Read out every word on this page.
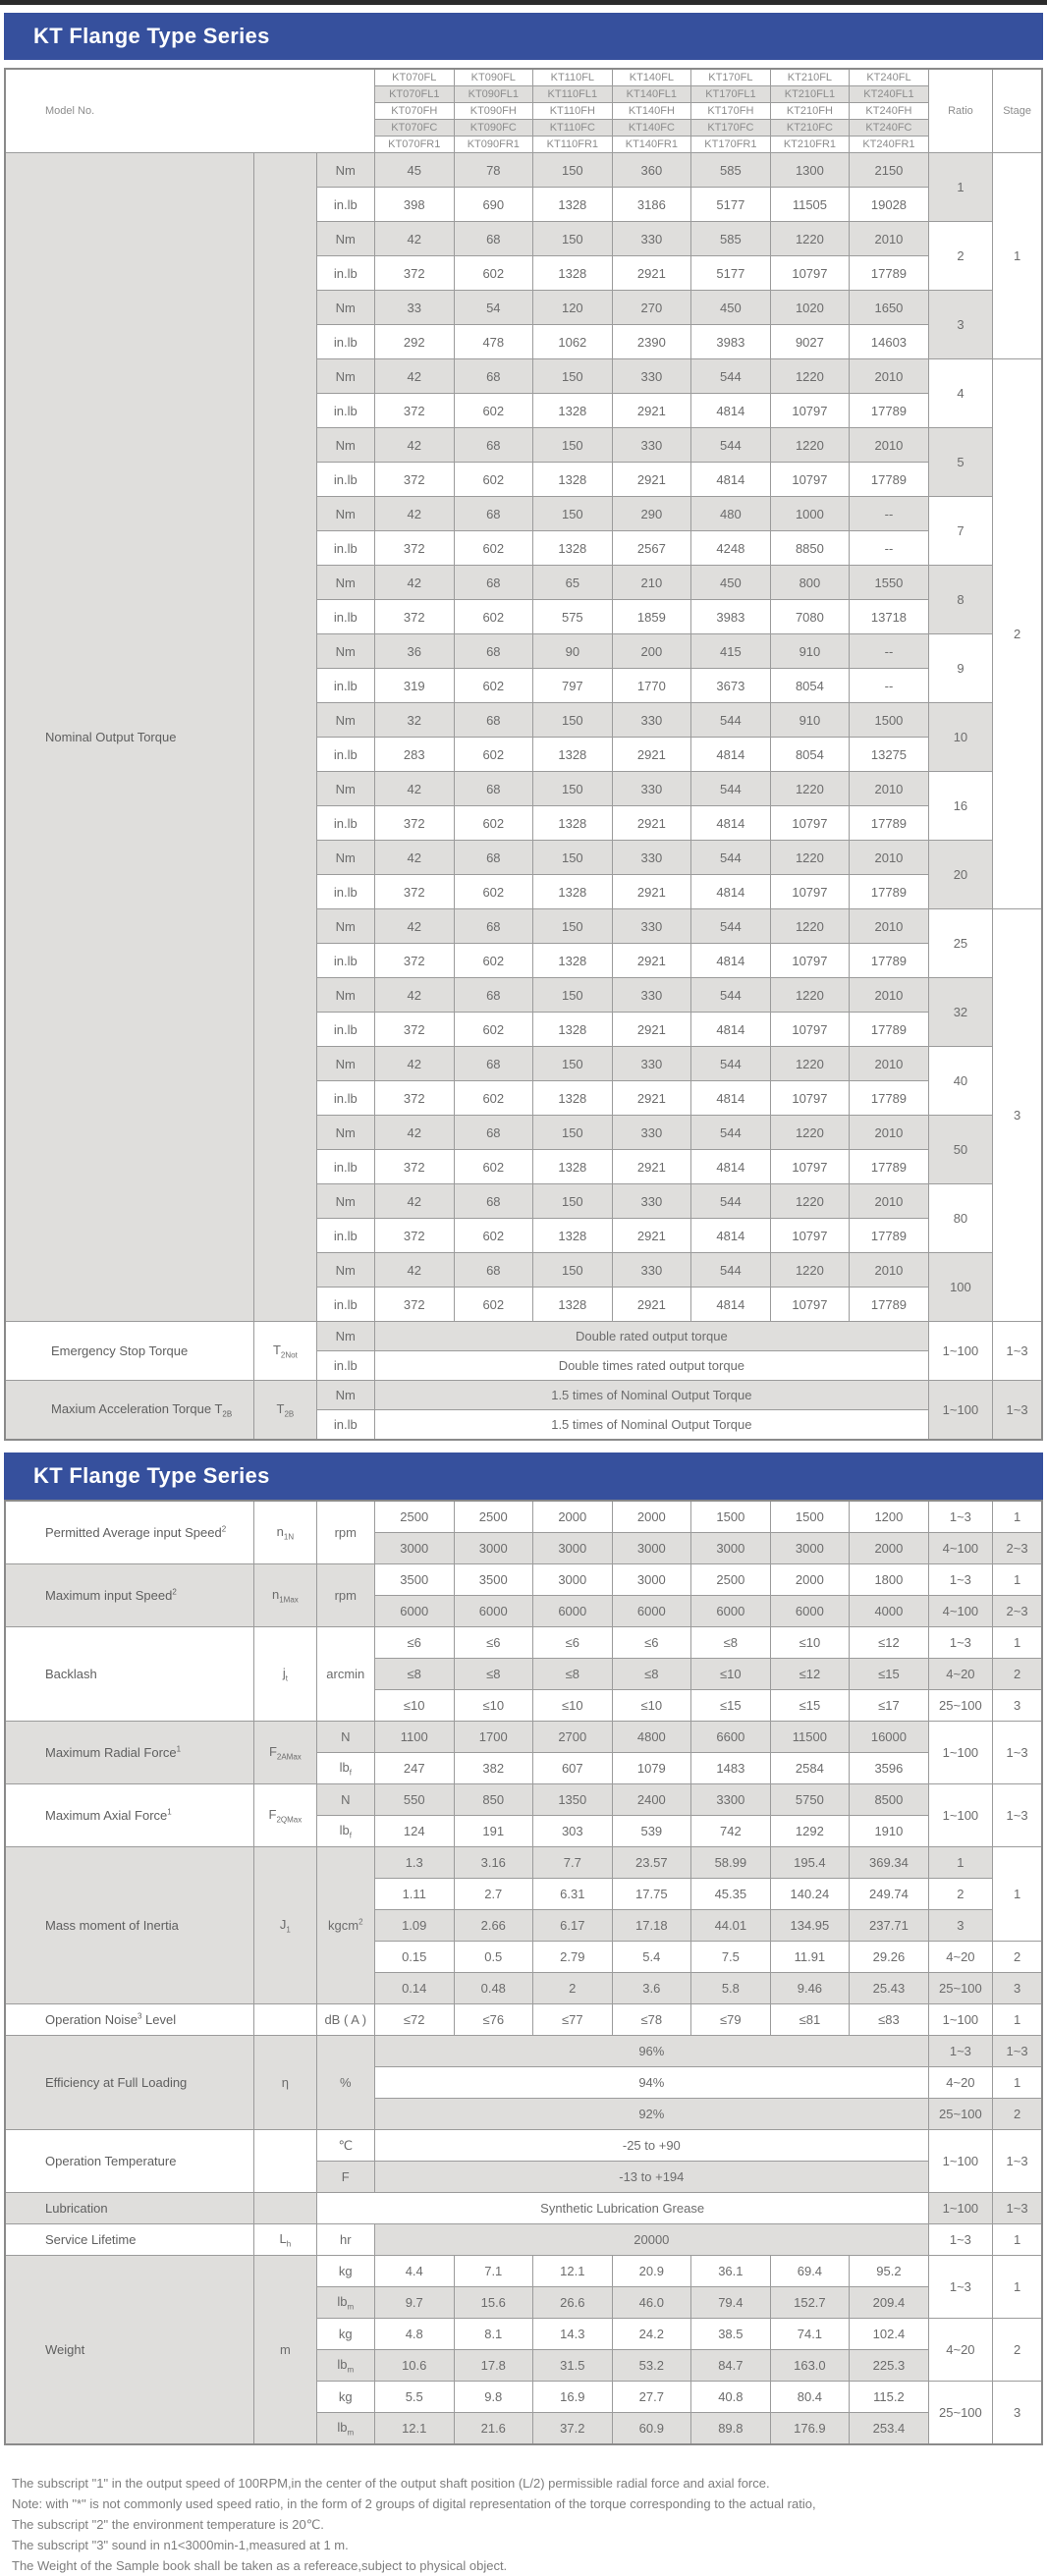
KT Flange Type Series
Model No.			KT070FL	KT090FL	KT110FL	KT140FL	KT170FL	KT210FL	KT240FL	Ratio	Stage
			KT070FL1	KT090FL1	KT110FL1	KT140FL1	KT170FL1	KT210FL1	KT240FL1		
			KT070FH	KT090FH	KT110FH	KT140FH	KT170FH	KT210FH	KT240FH		
			KT070FC	KT090FC	KT110FC	KT140FC	KT170FC	KT210FC	KT240FC		
			KT070FR1	KT090FR1	KT110FR1	KT140FR1	KT170FR1	KT210FR1	KT240FR1		
Nominal Output Torque		Nm	45	78	150	360	585	1300	2150	1	1
		in.lb	398	690	1328	3186	5177	11505	19028		
		Nm	42	68	150	330	585	1220	2010	2	
		in.lb	372	602	1328	2921	5177	10797	17789		
		Nm	33	54	120	270	450	1020	1650	3	
		in.lb	292	478	1062	2390	3983	9027	14603		
		Nm	42	68	150	330	544	1220	2010	4	2
		in.lb	372	602	1328	2921	4814	10797	17789		
		Nm	42	68	150	330	544	1220	2010	5	
		in.lb	372	602	1328	2921	4814	10797	17789		
		Nm	42	68	150	290	480	1000	--	7	
		in.lb	372	602	1328	2567	4248	8850	--		
		Nm	42	68	65	210	450	800	1550	8	
		in.lb	372	602	575	1859	3983	7080	13718		
		Nm	36	68	90	200	415	910	--	9	
		in.lb	319	602	797	1770	3673	8054	--		
		Nm	32	68	150	330	544	910	1500	10	
		in.lb	283	602	1328	2921	4814	8054	13275		
		Nm	42	68	150	330	544	1220	2010	16	
		in.lb	372	602	1328	2921	4814	10797	17789		
		Nm	42	68	150	330	544	1220	2010	20	
		in.lb	372	602	1328	2921	4814	10797	17789		
		Nm	42	68	150	330	544	1220	2010	25	3
		in.lb	372	602	1328	2921	4814	10797	17789		
		Nm	42	68	150	330	544	1220	2010	32	
		in.lb	372	602	1328	2921	4814	10797	17789		
		Nm	42	68	150	330	544	1220	2010	40	
		in.lb	372	602	1328	2921	4814	10797	17789		
		Nm	42	68	150	330	544	1220	2010	50	
		in.lb	372	602	1328	2921	4814	10797	17789		
		Nm	42	68	150	330	544	1220	2010	80	
		in.lb	372	602	1328	2921	4814	10797	17789		
		Nm	42	68	150	330	544	1220	2010	100	
		in.lb	372	602	1328	2921	4814	10797	17789		
Emergency Stop Torque	$T_{2Not}$	Nm	Double rated output torque							1~100	1~3
		in.lb	Double times rated output torque								
Maxium Acceleration Torque $T_{2B}$	$T_{2B}$	Nm	1.5 times of Nominal Output Torque							1~100	1~3
		in.lb	1.5 times of Nominal Output Torque								
KT Flange Type Series
Permitted Average input Speed$^2$	$n_{1N}$	rpm	2500	2500	2000	2000	1500	1500	1200	1~3	1
			3000	3000	3000	3000	3000	3000	2000	4~100	2~3
Maximum input Speed$^2$	$n_{1Max}$	rpm	3500	3500	3000	3000	2500	2000	1800	1~3	1
			6000	6000	6000	6000	6000	6000	4000	4~100	2~3
Backlash	$j_t$	arcmin	≤6	≤6	≤6	≤6	≤8	≤10	≤12	1~3	1
			≤8	≤8	≤8	≤8	≤10	≤12	≤15	4~20	2
			≤10	≤10	≤10	≤10	≤15	≤15	≤17	25~100	3
Maximum Radial Force$^1$	$F_{2AMax}$	N	1100	1700	2700	4800	6600	11500	16000	1~100	1~3
		$lb_f$	247	382	607	1079	1483	2584	3596		
Maximum Axial Force$^1$	$F_{2QMax}$	N	550	850	1350	2400	3300	5750	8500	1~100	1~3
		$lb_f$	124	191	303	539	742	1292	1910		
Mass moment of Inertia	$J_1$	kgcm$^2$	1.3	3.16	7.7	23.57	58.99	195.4	369.34	1	1
			1.11	2.7	6.31	17.75	45.35	140.24	249.74	2	
			1.09	2.66	6.17	17.18	44.01	134.95	237.71	3	
			0.15	0.5	2.79	5.4	7.5	11.91	29.26	4~20	2
			0.14	0.48	2	3.6	5.8	9.46	25.43	25~100	3
Operation Noise$^3$ Level		dB ( A )	≤72	≤76	≤77	≤78	≤79	≤81	≤83	1~100	1
Efficiency at Full Loading	η	%	96%							1~3	1~3
			94%							4~20	1
			92%							25~100	2
Operation Temperature		℃	-25 to +90							1~100	1~3
		F	-13 to +194								
Lubrication		Synthetic Lubrication Grease								1~100	1~3
Service Lifetime	$L_h$	hr	20000							1~3	1
Weight	m	kg	4.4	7.1	12.1	20.9	36.1	69.4	95.2	1~3	1
		$lb_m$	9.7	15.6	26.6	46.0	79.4	152.7	209.4		
		kg	4.8	8.1	14.3	24.2	38.5	74.1	102.4	4~20	2
		$lb_m$	10.6	17.8	31.5	53.2	84.7	163.0	225.3		
		kg	5.5	9.8	16.9	27.7	40.8	80.4	115.2	25~100	3
		$lb_m$	12.1	21.6	37.2	60.9	89.8	176.9	253.4		
The subscript "1" in the output speed of 100RPM,in the center of the output shaft position (L/2) permissible radial force and axial force.
Note: with "*" is not commonly used speed ratio, in the form of 2 groups of digital representation of the torque corresponding to the actual ratio,
The subscript "2" the environment temperature is 20℃.
The subscript "3" sound in n1<3000min-1,measured at 1 m.
The Weight of the Sample book shall be taken as a refereace,subject to physical object.
